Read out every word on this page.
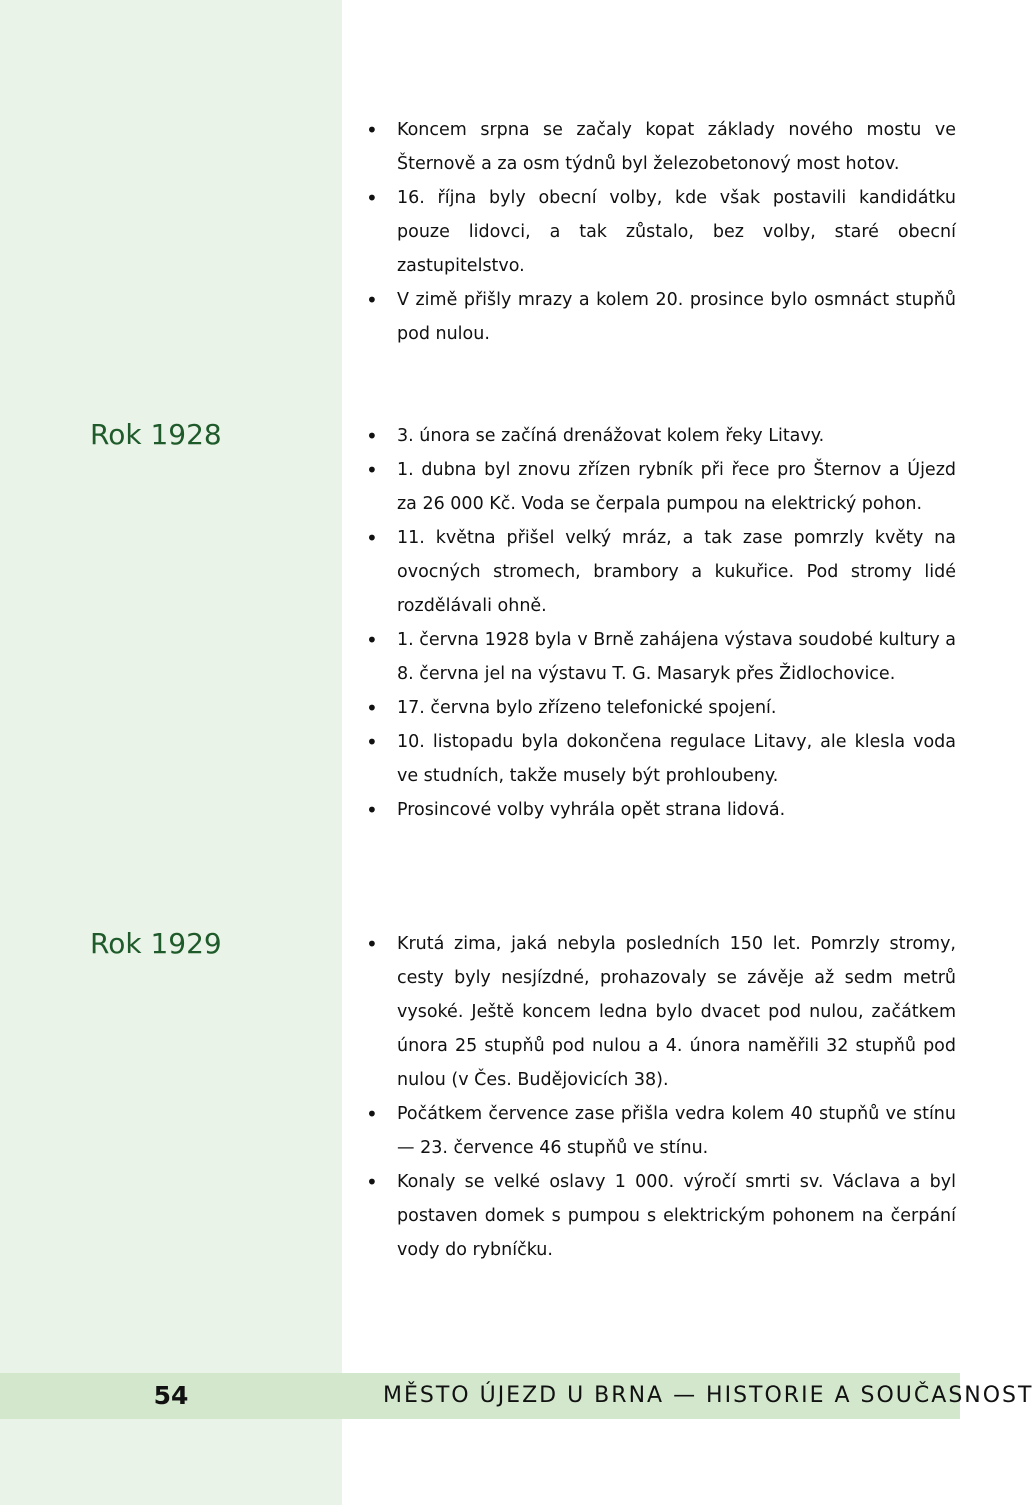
• Koncem srpna se začaly kopat základy nového mostu ve Šternově a za osm týdnů byl železobetonový most hotov.
• 16. října byly obecní volby, kde však postavili kandidátku pouze lidovci, a tak zůstalo, bez volby, staré obecní zastupitelstvo.
• V zimě přišly mrazy a kolem 20. prosince bylo osmnáct stupňů pod nulou.
Rok 1928	• 3. února se začíná drenážovat kolem řeky Litavy.
• 1. dubna byl znovu zřízen rybník při řece pro Šternov a Újezd za 26 000 Kč. Voda se čerpala pumpou na elektrický pohon.
• 11. května přišel velký mráz, a tak zase pomrzly květy na ovocných stromech, brambory a kukuřice. Pod stromy lidé rozdělávali ohně.
• 1. června 1928 byla v Brně zahájena výstava soudobé kultury a 8. června jel na výstavu T. G. Masaryk přes Židlochovice.
• 17. června bylo zřízeno telefonické spojení.
• 10. listopadu byla dokončena regulace Litavy, ale klesla voda ve studních, takže musely být prohloubeny.
• Prosincové volby vyhrála opět strana lidová.
Rok 1929	• Krutá zima, jaká nebyla posledních 150 let. Pomrzly stromy, cesty byly nesjízdné, prohazovaly se závěje až sedm metrů vysoké. Ještě koncem ledna bylo dvacet pod nulou, začátkem února 25 stupňů pod nulou a 4. února naměřili 32 stupňů pod nulou (v Čes. Budějovicích 38).
• Počátkem července zase přišla vedra kolem 40 stupňů ve stínu — 23. července 46 stupňů ve stínu.
• Konaly se velké oslavy 1 000. výročí smrti sv. Václava a byl postaven domek s pumpou s elektrickým pohonem na čerpání vody do rybníčku.
54	MĚSTO ÚJEZD U BRNA — HISTORIE A SOUČASNOST
